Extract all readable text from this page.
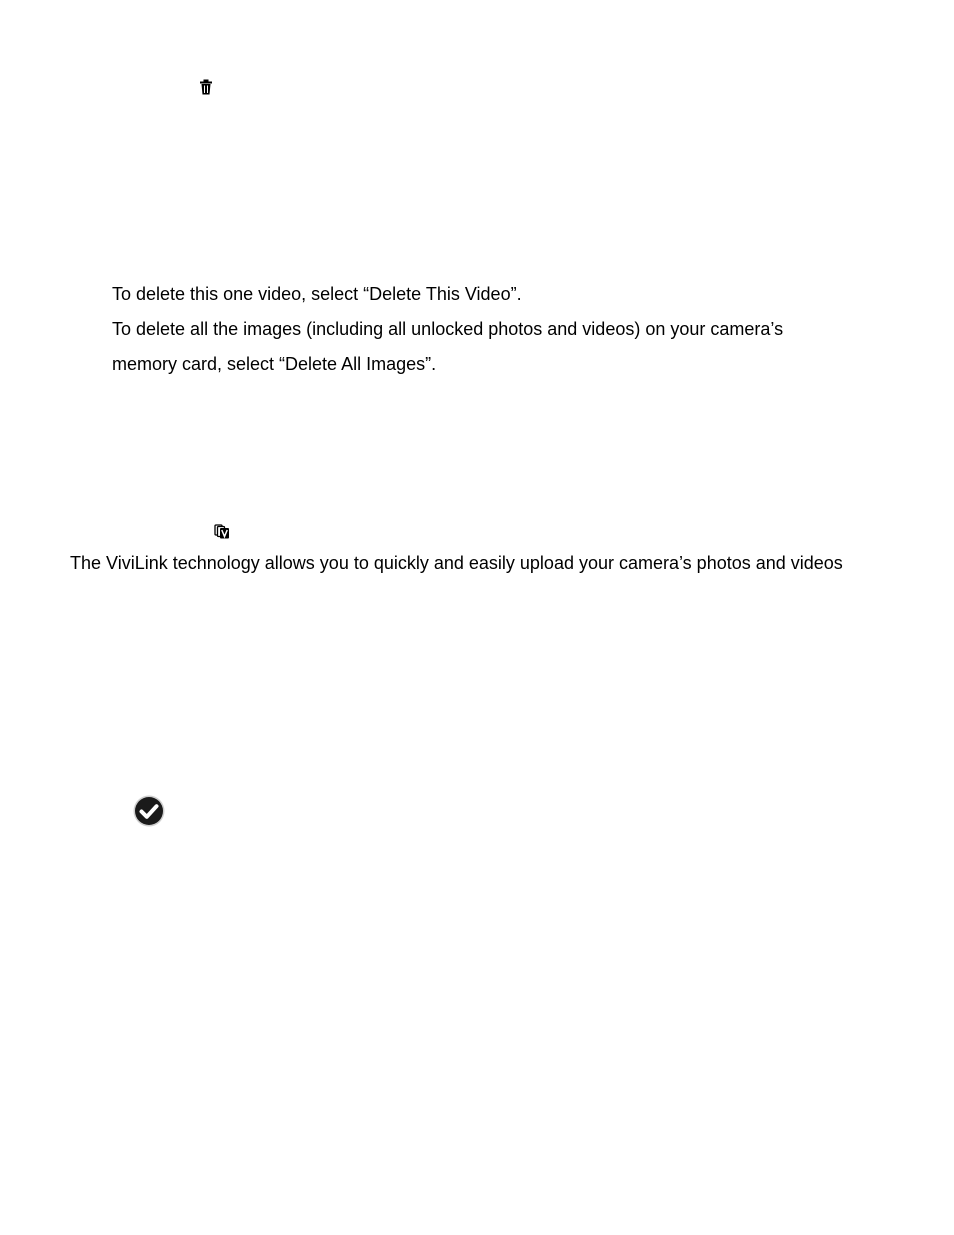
To delete this one video, select “Delete This Video”.
To delete all the images (including all unlocked photos and videos) on your camera’s
memory card, select “Delete All Images”.
The ViviLink technology allows you to quickly and easily upload your camera’s photos and videos
